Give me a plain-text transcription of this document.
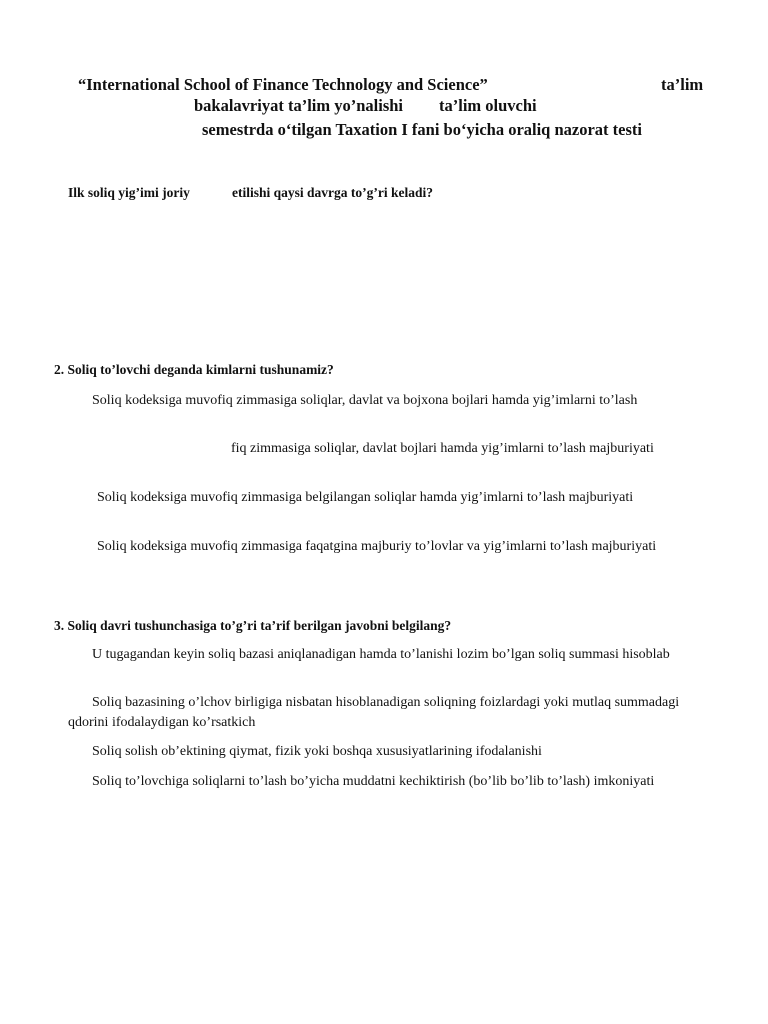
“International School of Finance Technology and Science”	ta’lim
bakalavriyat ta’lim yo’nalishi ta’lim oluvchi
semestrda o‘tilgan Taxation I fani bo‘yicha oraliq nazorat testi
Ilk soliq yig’imi joriy	etilishi qaysi davrga to’g’ri keladi?
2. Soliq to’lovchi deganda kimlarni tushunamiz?
Soliq kodeksiga muvofiq zimmasiga soliqlar, davlat va bojxona bojlari hamda yig’imlarni to’lash
fiq zimmasiga soliqlar, davlat bojlari hamda yig’imlarni to’lash majburiyati
Soliq kodeksiga muvofiq zimmasiga belgilangan soliqlar hamda yig’imlarni to’lash majburiyati
Soliq kodeksiga muvofiq zimmasiga faqatgina majburiy to’lovlar va yig’imlarni to’lash majburiyati
3. Soliq davri tushunchasiga to’g’ri ta’rif berilgan javobni belgilang?
U tugagandan keyin soliq bazasi aniqlanadigan hamda to’lanishi lozim bo’lgan soliq summasi hisoblab
Soliq bazasining o’lchov birligiga nisbatan hisoblanadigan soliqning foizlardagi yoki mutlaq summadagi
qdorini ifodalaydigan ko’rsatkich
Soliq solish ob’ektining qiymat, fizik yoki boshqa xususiyatlarining ifodalanishi
Soliq to’lovchiga soliqlarni to’lash bo’yicha muddatni kechiktirish (bo’lib bo’lib to’lash) imkoniyati
